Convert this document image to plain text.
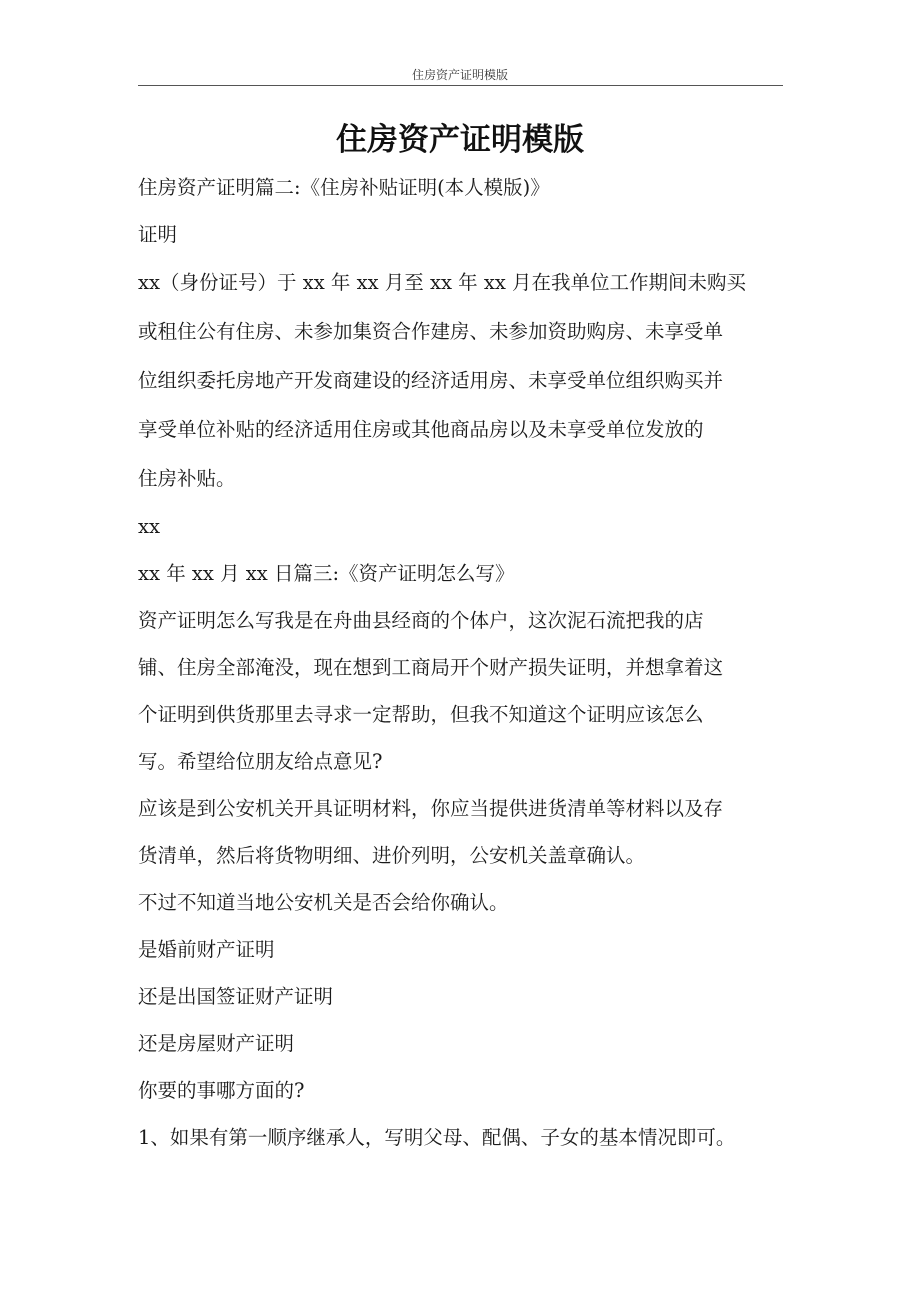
住房资产证明模版
住房资产证明模版
住房资产证明篇二:《住房补贴证明(本人模版)》
证明
xx（身份证号）于 xx 年 xx 月至 xx 年 xx 月在我单位工作期间未购买
或租住公有住房、未参加集资合作建房、未参加资助购房、未享受单
位组织委托房地产开发商建设的经济适用房、未享受单位组织购买并
享受单位补贴的经济适用住房或其他商品房以及未享受单位发放的
住房补贴。
xx
xx 年 xx 月 xx 日篇三:《资产证明怎么写》
资产证明怎么写我是在舟曲县经商的个体户，这次泥石流把我的店
铺、住房全部淹没，现在想到工商局开个财产损失证明，并想拿着这
个证明到供货那里去寻求一定帮助，但我不知道这个证明应该怎么
写。希望给位朋友给点意见?
应该是到公安机关开具证明材料，你应当提供进货清单等材料以及存
货清单，然后将货物明细、进价列明，公安机关盖章确认。
不过不知道当地公安机关是否会给你确认。
是婚前财产证明
还是出国签证财产证明
还是房屋财产证明
你要的事哪方面的?
1、如果有第一顺序继承人，写明父母、配偶、子女的基本情况即可。
